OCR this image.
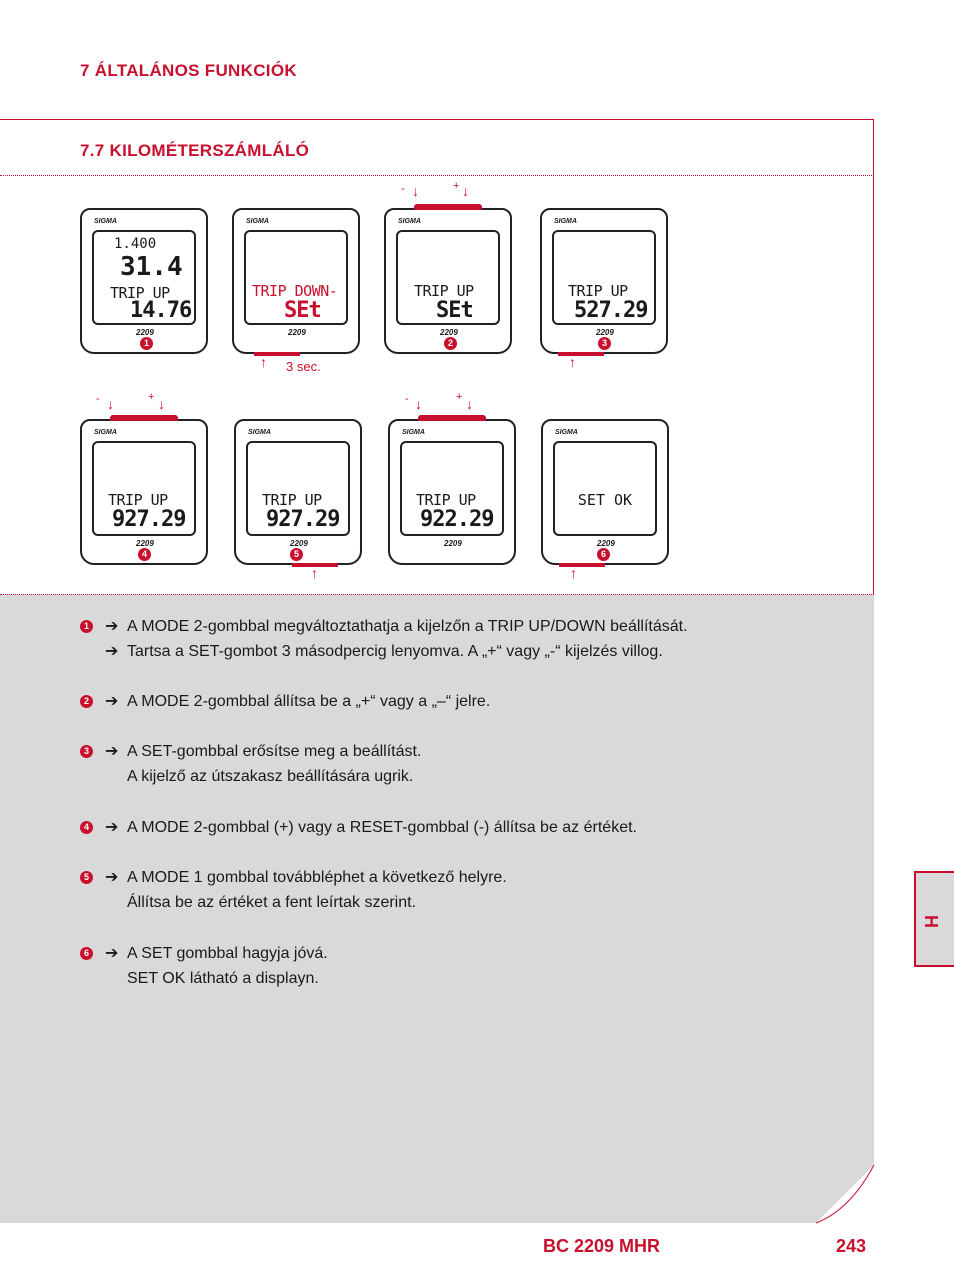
7 ÁLTALÁNOS FUNKCIÓK
7.7 KILOMÉTERSZÁMLÁLÓ
SIGMA
1.400
31.4
TRIP UP
14.76
2209
1
SIGMA
TRIP DOWN-
SEt
2209
↑ 3 sec.
- ↓	+ ↓
SIGMA
TRIP UP
SEt
2209
2
SIGMA
TRIP UP
527.29
2209
3
↑
- ↓	+ ↓
SIGMA
TRIP UP
927.29
2209
4
SIGMA
TRIP UP
927.29
2209
5
↑
- ↓	+ ↓
SIGMA
TRIP UP
922.29
2209
SIGMA
SET OK
2209
6
↑
1 ➔ A MODE 2-gombbal megváltoztathatja a kijelzőn a TRIP UP/DOWN beállítását.
➔ Tartsa a SET-gombot 3 másodpercig lenyomva. A „+“ vagy „-“ kijelzés villog.
2 ➔ A MODE 2-gombbal állítsa be a „+“ vagy a „–“ jelre.
3 ➔ A SET-gombbal erősítse meg a beállítást.
A kijelző az útszakasz beállítására ugrik.
4 ➔ A MODE 2-gombbal (+) vagy a RESET-gombbal (-) állítsa be az értéket.
5 ➔ A MODE 1 gombbal továbbléphet a következő helyre.
Állítsa be az értéket a fent leírtak szerint.
6 ➔ A SET gombbal hagyja jóvá.
SET OK látható a displayn.
H
BC 2209 MHR	243
